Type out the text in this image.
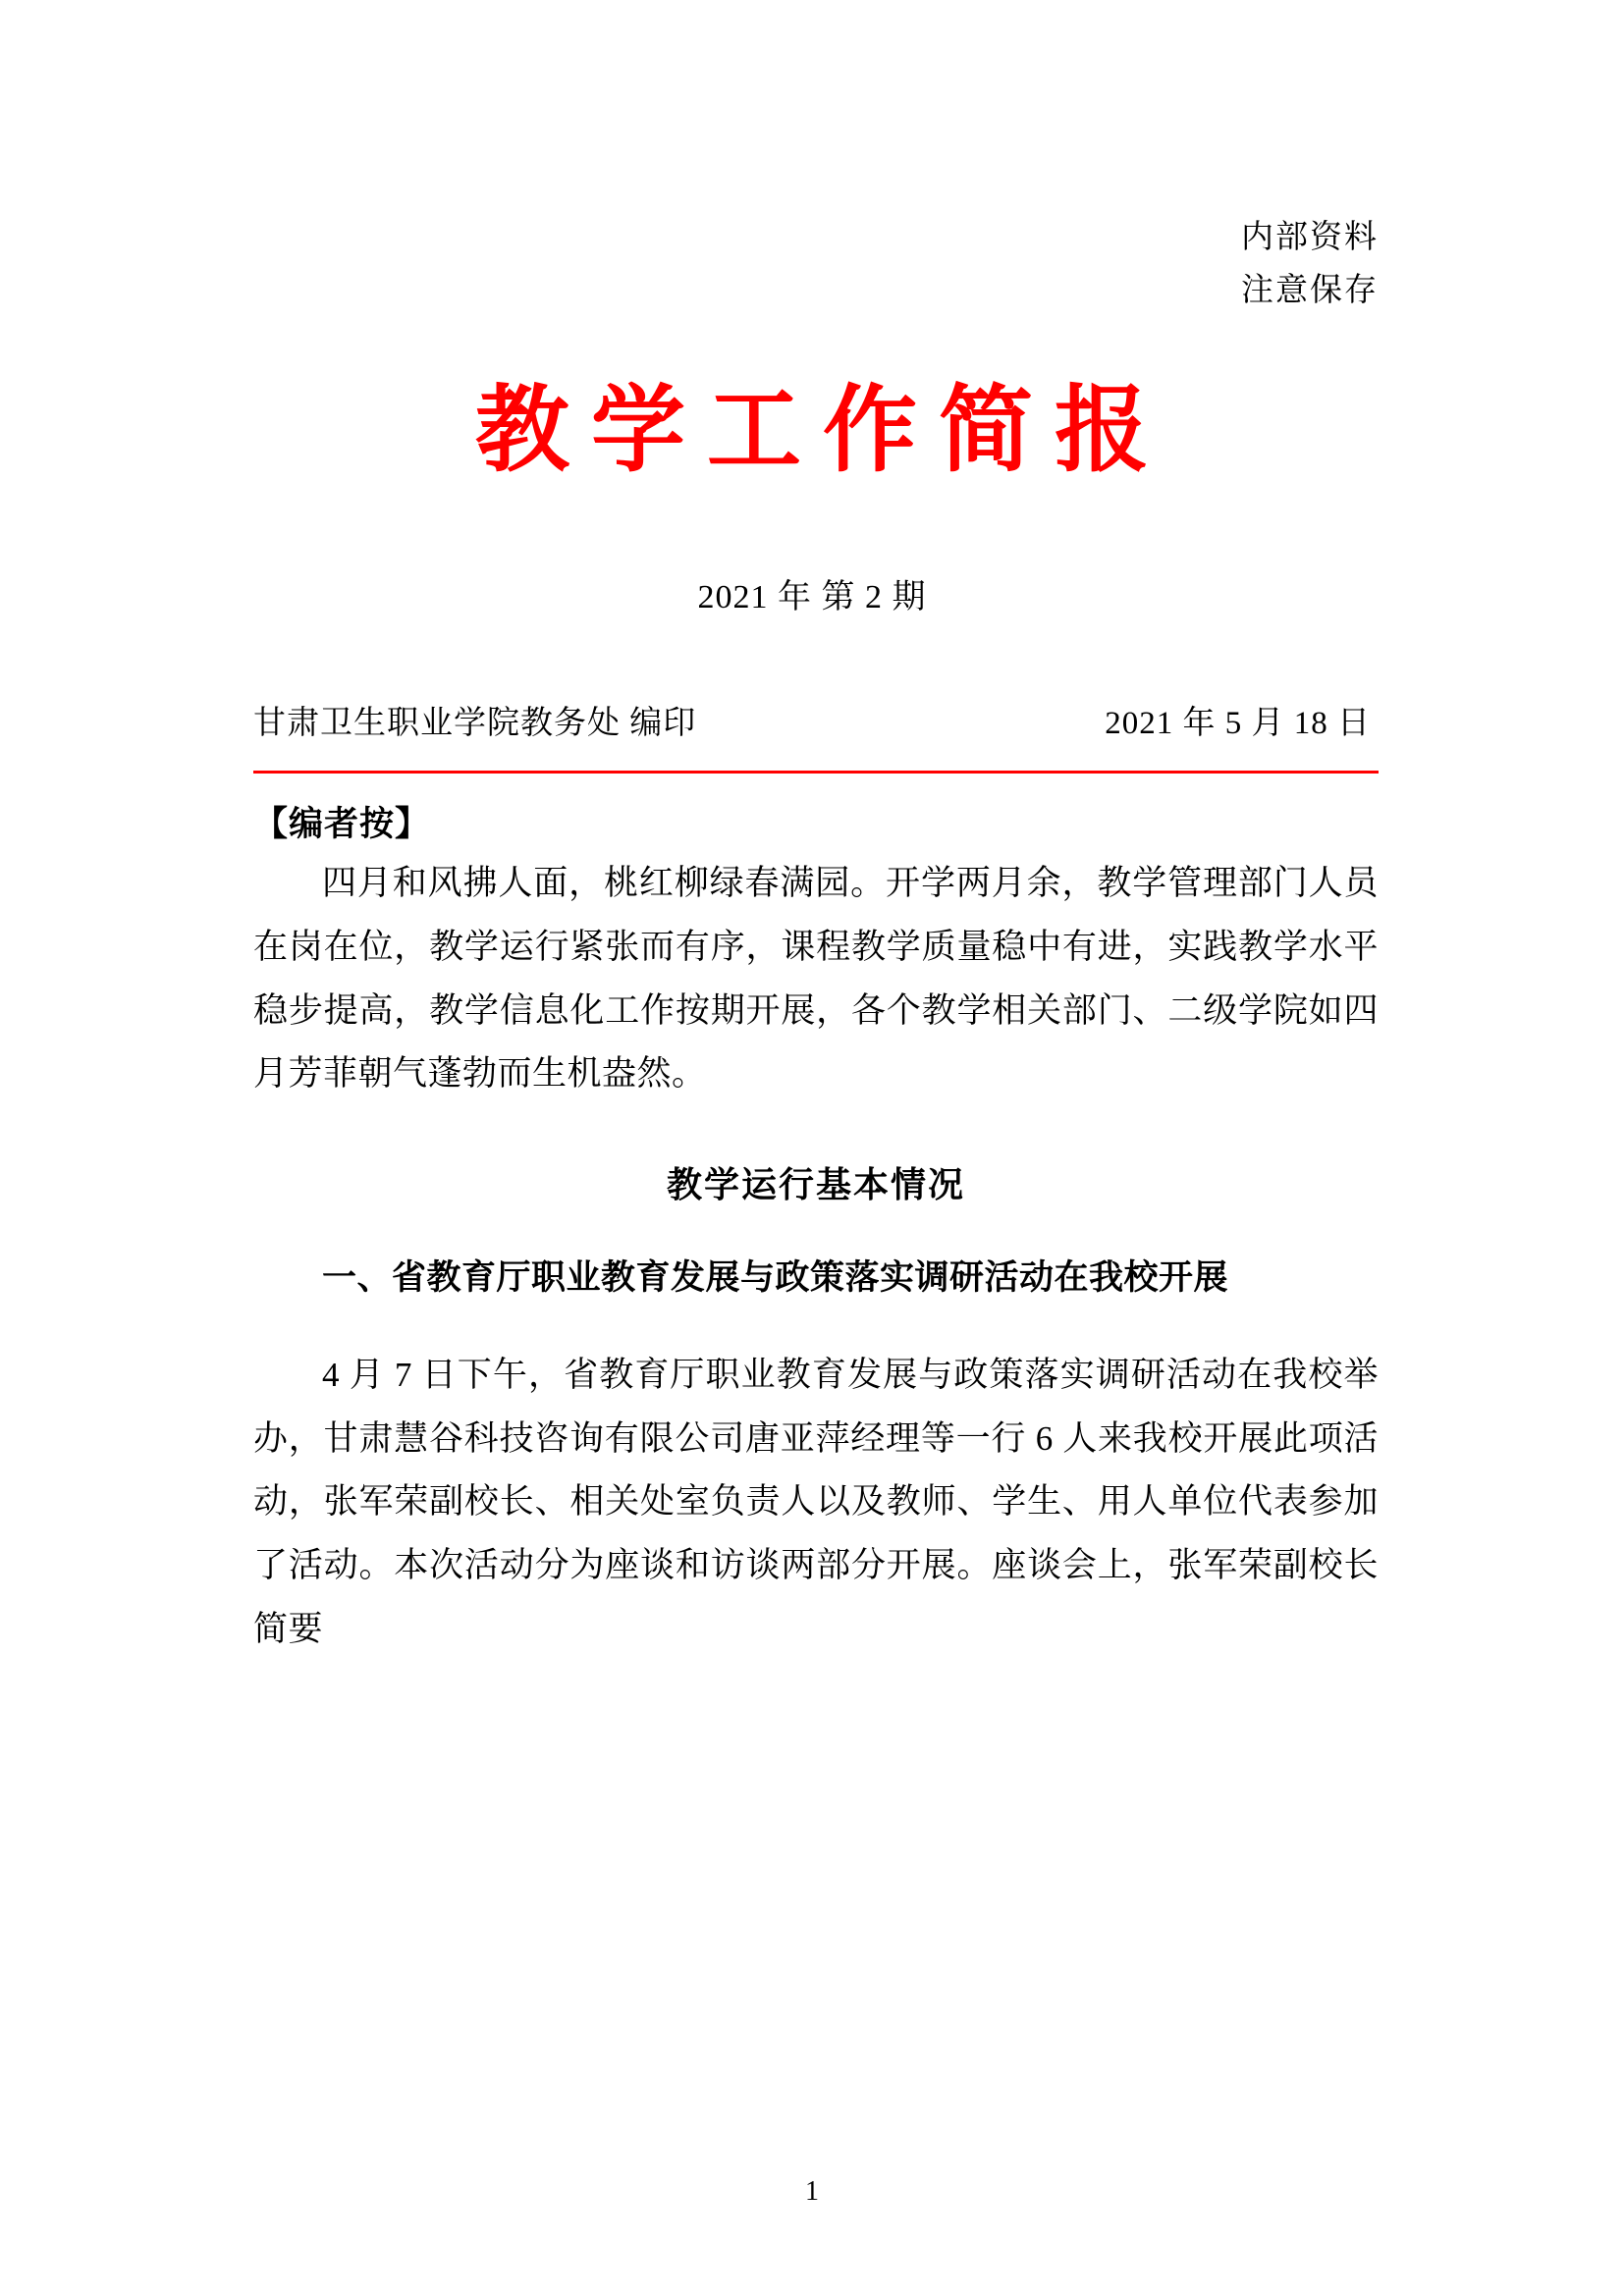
内部资料
注意保存
教学工作简报
2021 年 第 2 期
甘肃卫生职业学院教务处 编印	2021 年 5 月 18 日
【编者按】

四月和风拂人面，桃红柳绿春满园。开学两月余，教学管理部门人员在岗在位，教学运行紧张而有序，课程教学质量稳中有进，实践教学水平稳步提高，教学信息化工作按期开展，各个教学相关部门、二级学院如四月芳菲朝气蓬勃而生机盎然。

教学运行基本情况
一、省教育厅职业教育发展与政策落实调研活动在我校开展

4 月 7 日下午，省教育厅职业教育发展与政策落实调研活动在我校举办，甘肃慧谷科技咨询有限公司唐亚萍经理等一行 6 人来我校开展此项活动，张军荣副校长、相关处室负责人以及教师、学生、用人单位代表参加了活动。本次活动分为座谈和访谈两部分开展。座谈会上，张军荣副校长简要

1
